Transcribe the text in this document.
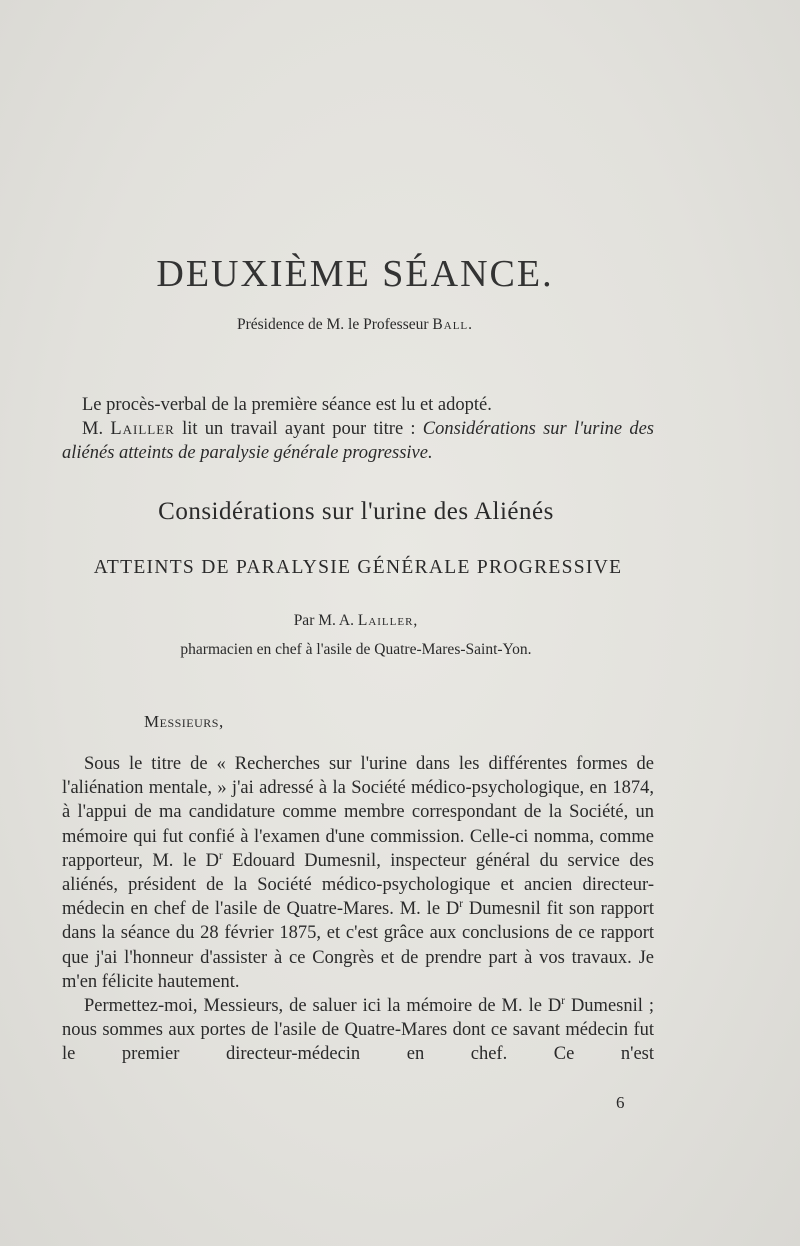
DEUXIÈME SÉANCE.
Présidence de M. le Professeur Ball.
Le procès-verbal de la première séance est lu et adopté.
M. Lailler lit un travail ayant pour titre : Considérations sur l'urine des aliénés atteints de paralysie générale progressive.
Considérations sur l'urine des Aliénés
ATTEINTS DE PARALYSIE GÉNÉRALE PROGRESSIVE
Par M. A. Lailler,
pharmacien en chef à l'asile de Quatre-Mares-Saint-Yon.
Messieurs,

Sous le titre de « Recherches sur l'urine dans les différentes formes de l'aliénation mentale, » j'ai adressé à la Société médico-psychologique, en 1874, à l'appui de ma candidature comme membre correspondant de la Société, un mémoire qui fut confié à l'examen d'une commission. Celle-ci nomma, comme rapporteur, M. le $D^r$ Edouard Dumesnil, inspecteur général du service des aliénés, président de la Société médico-psychologique et ancien directeur-médecin en chef de l'asile de Quatre-Mares. M. le $D^r$ Dumesnil fit son rapport dans la séance du 28 février 1875, et c'est grâce aux conclusions de ce rapport que j'ai l'honneur d'assister à ce Congrès et de prendre part à vos travaux. Je m'en félicite hautement.

Permettez-moi, Messieurs, de saluer ici la mémoire de M. le $D^r$ Dumesnil ; nous sommes aux portes de l'asile de Quatre-Mares dont ce savant médecin fut le premier directeur-médecin en chef. Ce n'est

6
